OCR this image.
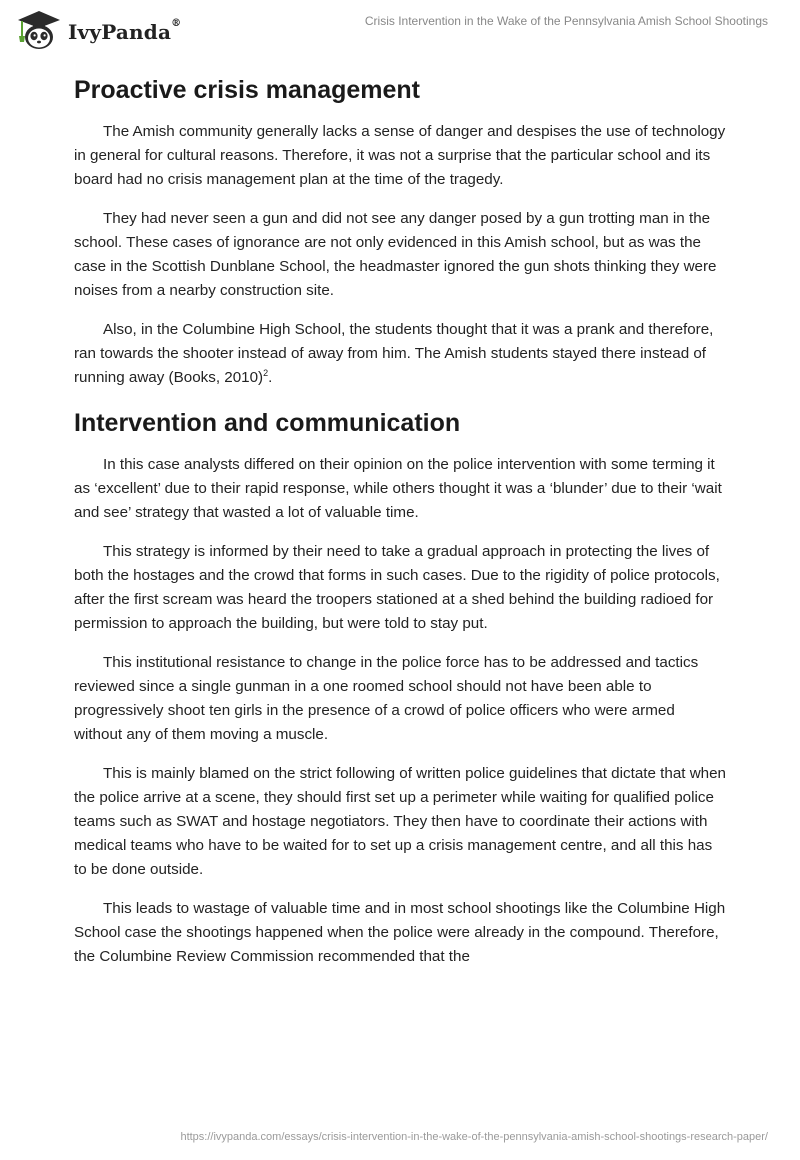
IvyPanda®	Crisis Intervention in the Wake of the Pennsylvania Amish School Shootings
Proactive crisis management

The Amish community generally lacks a sense of danger and despises the use of technology in general for cultural reasons. Therefore, it was not a surprise that the particular school and its board had no crisis management plan at the time of the tragedy.

They had never seen a gun and did not see any danger posed by a gun trotting man in the school. These cases of ignorance are not only evidenced in this Amish school, but as was the case in the Scottish Dunblane School, the headmaster ignored the gun shots thinking they were noises from a nearby construction site.

Also, in the Columbine High School, the students thought that it was a prank and therefore, ran towards the shooter instead of away from him. The Amish students stayed there instead of running away (Books, 2010)$^2$.

Intervention and communication

In this case analysts differed on their opinion on the police intervention with some terming it as ‘excellent’ due to their rapid response, while others thought it was a ‘blunder’ due to their ‘wait and see’ strategy that wasted a lot of valuable time.

This strategy is informed by their need to take a gradual approach in protecting the lives of both the hostages and the crowd that forms in such cases. Due to the rigidity of police protocols, after the first scream was heard the troopers stationed at a shed behind the building radioed for permission to approach the building, but were told to stay put.

This institutional resistance to change in the police force has to be addressed and tactics reviewed since a single gunman in a one roomed school should not have been able to progressively shoot ten girls in the presence of a crowd of police officers who were armed without any of them moving a muscle.

This is mainly blamed on the strict following of written police guidelines that dictate that when the police arrive at a scene, they should first set up a perimeter while waiting for qualified police teams such as SWAT and hostage negotiators. They then have to coordinate their actions with medical teams who have to be waited for to set up a crisis management centre, and all this has to be done outside.

This leads to wastage of valuable time and in most school shootings like the Columbine High School case the shootings happened when the police were already in the compound. Therefore, the Columbine Review Commission recommended that the

https://ivypanda.com/essays/crisis-intervention-in-the-wake-of-the-pennsylvania-amish-school-shootings-research-paper/
